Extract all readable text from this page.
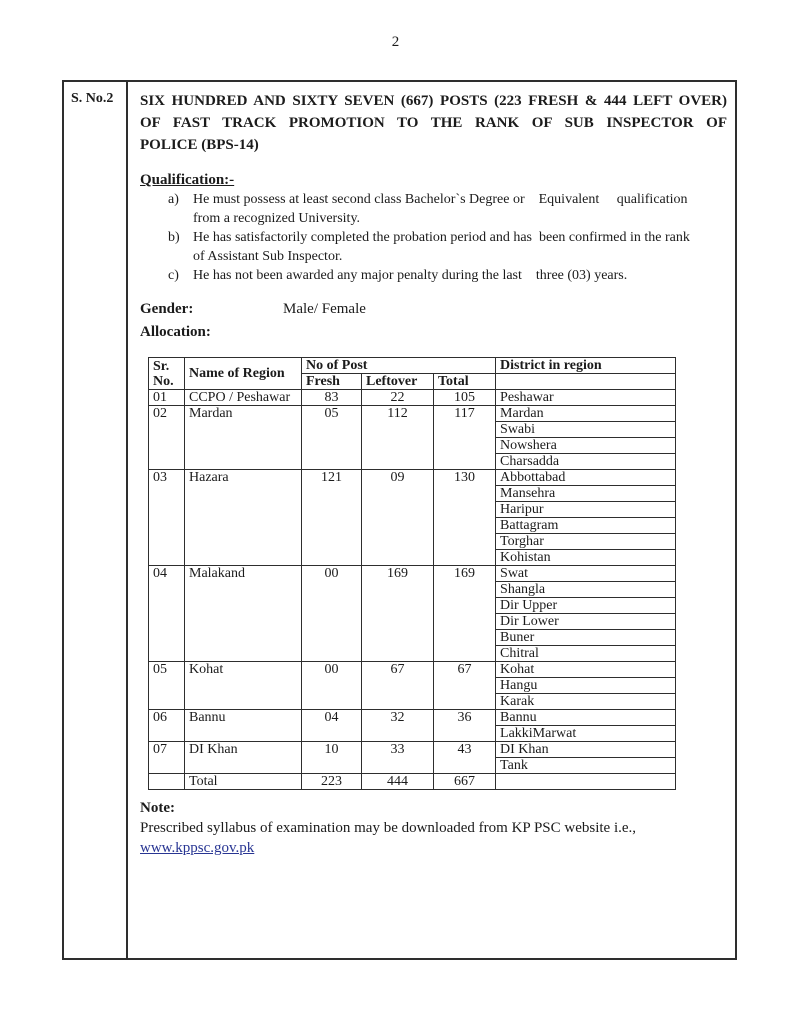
2
S. No.2	SIX HUNDRED AND SIXTY SEVEN (667) POSTS (223 FRESH & 444 LEFT OVER)
OF FAST TRACK PROMOTION TO THE RANK OF SUB INSPECTOR OF
POLICE (BPS-14)
Qualification:-
a)	He must possess at least second class Bachelor`s Degree or    Equivalent     qualification
from a recognized University.
b) He has satisfactorily completed the probation period and has  been confirmed in the rank
of Assistant Sub Inspector.
c)	He has not been awarded any major penalty during the last    three (03) years.
Gender:	Male/ Female
Allocation:
Sr.
No.	Name of Region	No of Post			District in region
		Fresh	Leftover	Total	
01	CCPO / Peshawar	83	22	105	Peshawar
02	Mardan	05	112	117	Mardan
					Swabi
					Nowshera
					Charsadda
03	Hazara	121	09	130	Abbottabad
					Mansehra
					Haripur
					Battagram
					Torghar
					Kohistan
04	Malakand	00	169	169	Swat
					Shangla
					Dir Upper
					Dir Lower
					Buner
					Chitral
05	Kohat	00	67	67	Kohat
					Hangu
					Karak
06	Bannu	04	32	36	Bannu
					LakkiMarwat
07	DI Khan	10	33	43	DI Khan
					Tank
	Total	223	444	667	
Note:
Prescribed syllabus of examination may be downloaded from KP PSC website i.e.,
www.kppsc.gov.pk
